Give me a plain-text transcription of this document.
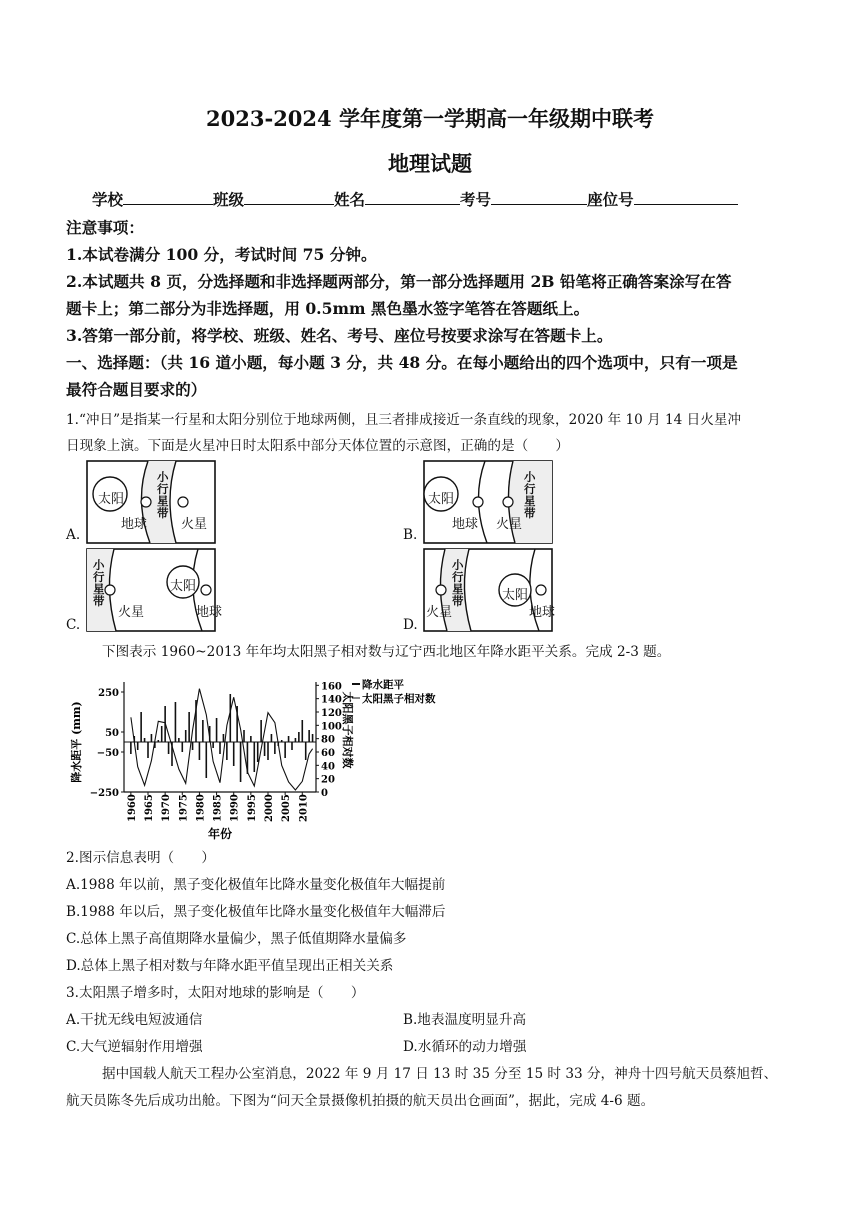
2023-2024 学年度第一学期高一年级期中联考
地理试题
学校	班级	姓名	考号	座位号
注意事项：
1.本试卷满分 100 分，考试时间 75 分钟。
2.本试题共 8 页，分选择题和非选择题两部分，第一部分选择题用 2B 铅笔将正确答案涂写在答
题卡上；第二部分为非选择题，用 0.5mm 黑色墨水签字笔答在答题纸上。
3.答第一部分前，将学校、班级、姓名、考号、座位号按要求涂写在答题卡上。
一、选择题：（共 16 道小题，每小题 3 分，共 48 分。在每小题给出的四个选项中，只有一项是
最符合题目要求的）
1.“冲日”是指某一行星和太阳分别位于地球两侧，且三者排成接近一条直线的现象，2020 年 10 月 14 日火星冲
日现象上演。下面是火星冲日时太阳系中部分天体位置的示意图，正确的是（　　）
A.
太阳
地球	火星
小
行
星
带
B.
太阳
地球 火星
小
行
星
带
C.
小
行
星
带
火星
太阳
地球
D.
火星
小
行
星
带	太阳
地球
下图表示 1960~2013 年年均太阳黑子相对数与辽宁西北地区年降水距平关系。完成 2-3 题。
250
50
−50
−250
160
140
120
100
80
60
40
20
0
1960 1965 1970 1975 1980 1985 1990 1995 2000 2005 2010
年份
降水距平 (mm)	太阳黑子相对数
降水距平
太阳黑子相对数
2.图示信息表明（　　）
A.1988 年以前，黑子变化极值年比降水量变化极值年大幅提前
B.1988 年以后，黑子变化极值年比降水量变化极值年大幅滞后
C.总体上黑子高值期降水量偏少，黑子低值期降水量偏多
D.总体上黑子相对数与年降水距平值呈现出正相关关系
3.太阳黑子增多时，太阳对地球的影响是（　　）
A.干扰无线电短波通信	B.地表温度明显升高
C.大气逆辐射作用增强	D.水循环的动力增强
据中国载人航天工程办公室消息，2022 年 9 月 17 日 13 时 35 分至 15 时 33 分，神舟十四号航天员蔡旭哲、
航天员陈冬先后成功出舱。下图为“问天全景摄像机拍摄的航天员出仓画面”，据此，完成 4-6 题。
